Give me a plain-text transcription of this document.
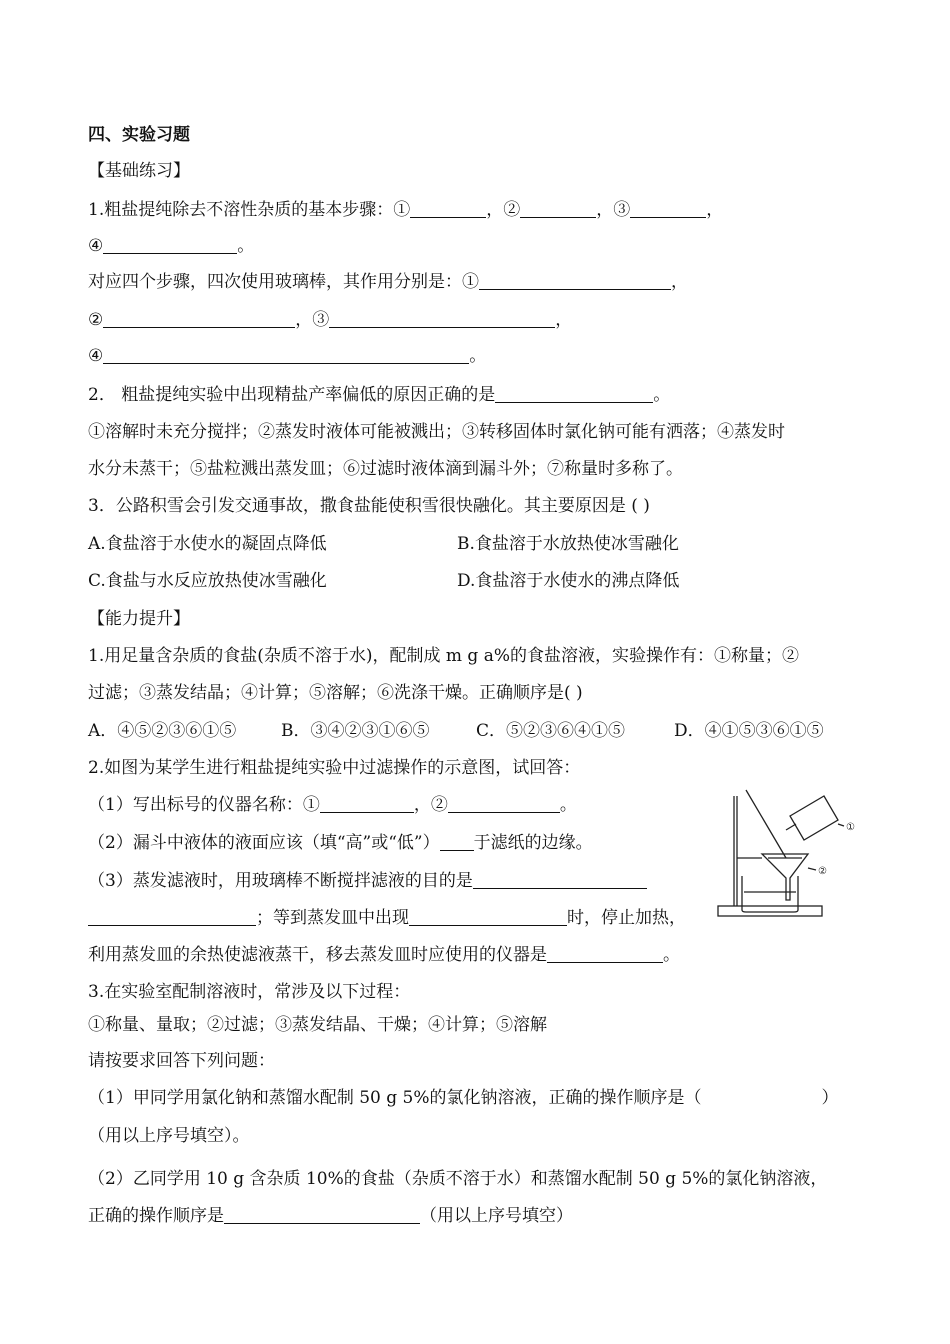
四、实验习题
【基础练习】
1.粗盐提纯除去不溶性杂质的基本步骤：①	，②	，③	，
④	。
对应四个步骤，四次使用玻璃棒，其作用分别是：①	，
②	，③	，
④	。
2． 粗盐提纯实验中出现精盐产率偏低的原因正确的是	。
①溶解时未充分搅拌；②蒸发时液体可能被溅出；③转移固体时氯化钠可能有洒落；④蒸发时
水分未蒸干；⑤盐粒溅出蒸发皿；⑥过滤时液体滴到漏斗外；⑦称量时多称了。
3．公路积雪会引发交通事故，撒食盐能使积雪很快融化。其主要原因是 ( )
A.食盐溶于水使水的凝固点降低	B.食盐溶于水放热使冰雪融化
C.食盐与水反应放热使冰雪融化	D.食盐溶于水使水的沸点降低
【能力提升】
1.用足量含杂质的食盐(杂质不溶于水)，配制成 m g a%的食盐溶液，实验操作有：①称量；②
过滤；③蒸发结晶；④计算；⑤溶解；⑥洗涤干燥。正确顺序是( )
A．④⑤②③⑥①⑤	B．③④②③①⑥⑤	C．⑤②③⑥④①⑤	D．④①⑤③⑥①⑤
2.如图为某学生进行粗盐提纯实验中过滤操作的示意图，试回答：
（1）写出标号的仪器名称：①	，②	。
（2）漏斗中液体的液面应该（填“高”或“低”） 于滤纸的边缘。
（3）蒸发滤液时，用玻璃棒不断搅拌滤液的目的是
；等到蒸发皿中出现	时，停止加热，
利用蒸发皿的余热使滤液蒸干，移去蒸发皿时应使用的仪器是	。
①
②
3.在实验室配制溶液时，常涉及以下过程：
①称量、量取；②过滤；③蒸发结晶、干燥；④计算；⑤溶解
请按要求回答下列问题：
（1）甲同学用氯化钠和蒸馏水配制 50 g 5%的氯化钠溶液，正确的操作顺序是（	）
（用以上序号填空）。
（2）乙同学用 10 g 含杂质 10%的食盐（杂质不溶于水）和蒸馏水配制 50 g 5%的氯化钠溶液，
正确的操作顺序是	（用以上序号填空）
